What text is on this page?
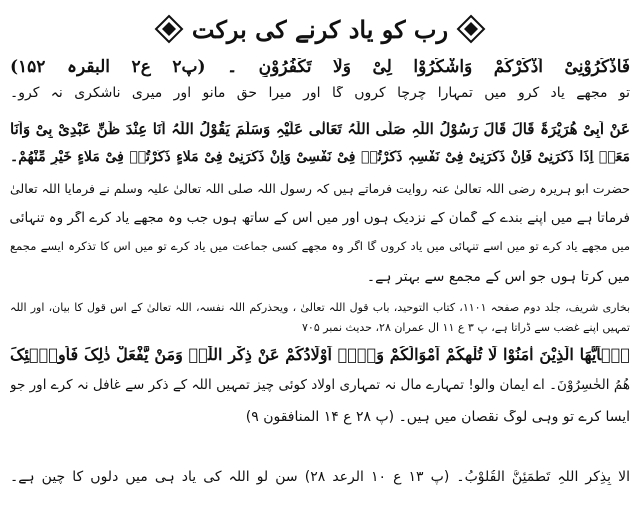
رب کو یاد کرنے کی برکت
فَاذْکُرُوْنِیْ اَذْکُرْکُمْ وَاشْکُرُوْا لِیْ وَلَا تَکْفُرُوْنِ ۔ (پ۲ ع۲ البقرہ ۱۵۲)
تو مجھے یاد کرو میں تمہارا چرچا کروں گا اور میرا حق مانو اور میری ناشکری نہ کرو۔
عَنْ اَبِیْ ھُرَیْرَۃَ قَالَ قَالَ رَسُوْلُ اللّٰہِ صَلَّی اللّٰہُ تَعَالٰی عَلَیْہِ وَسَلَّمَ یَقُوْلُ اللّٰہُ اَنَا عِنْدَ ظَنِّ عَبْدِیْ بِیْ وَاَنَا
مَعَہٗ اِذَا ذَکَرَنِیْ فَاِنْ ذَکَرَنِیْ فِیْ نَفْسِہٖ ذَکَرْتُہٗ فِیْ نَفْسِیْ وَاِنْ ذَکَرَنِیْ فِیْ مَلَاءٍ ذَکَرْتُہٗ فِیْ مَلَاءٍ خَیْرٍ مِّنْھُمْ۔
حضرت ابو ہریرہ رضی اللہ تعالیٰ عنہ روایت فرماتے ہیں کہ رسول اللہ صلی اللہ تعالیٰ علیہ وسلم نے فرمایا اللہ تعالیٰ
فرماتا ہے میں اپنے بندے کے گمان کے نزدیک ہوں اور میں اُس کے ساتھ ہوں جب وہ مجھے یاد کرے اگر وہ تنہائی
میں مجھے یاد کرے تو میں اسے تنہائی میں یاد کروں گا اگر وہ مجھے کسی جماعت میں یاد کرے تو میں اس کا تذکرہ ایسے مجمع
میں کرتا ہوں جو اس کے مجمع سے بہتر ہے۔
بخاری شریف، جلد دوم صفحہ ۱۱۰۱، کتاب التوحید، باب قول اللہ تعالیٰ ، ویحذرکم اللہ نفسہ، اللہ تعالیٰ کے اس قول کا بیان، اور اللہ
تمہیں اپنے غضب سے ڈراتا ہے، پ ۳ ع ۱۱ آل عمران ۲۸، حدیث نمبر ۷۰۵
یٰۤاَیُّھَا الَّذِیْنَ اٰمَنُوْا لَا تُلْھِکُمْ اَمْوَالُکُمْ وَلَاۤ اَوْلَادُکُمْ عَنْ ذِکْرِ اللّٰہِ وَمَنْ یَّفْعَلْ ذٰلِکَ فَاُولٰۤئِکَ
ھُمُ الْخٰسِرُوْنَ۔ اے ایمان والو! تمہارے مال نہ تمہاری اولاد کوئی چیز تمہیں اللہ کے ذکر سے غافل نہ کرے اور جو
ایسا کرے تو وہی لوگ نقصان میں ہیں۔ (پ ۲۸ ع ۱۴ المنافقون ۹)
اَلَا بِذِکْرِ اللّٰہِ تَطْمَئِنُّ الْقُلُوْبُ۔ (پ ۱۳ ع ۱۰ الرعد ۲۸) سن لو اللہ کی یاد ہی میں دلوں کا چین ہے۔
